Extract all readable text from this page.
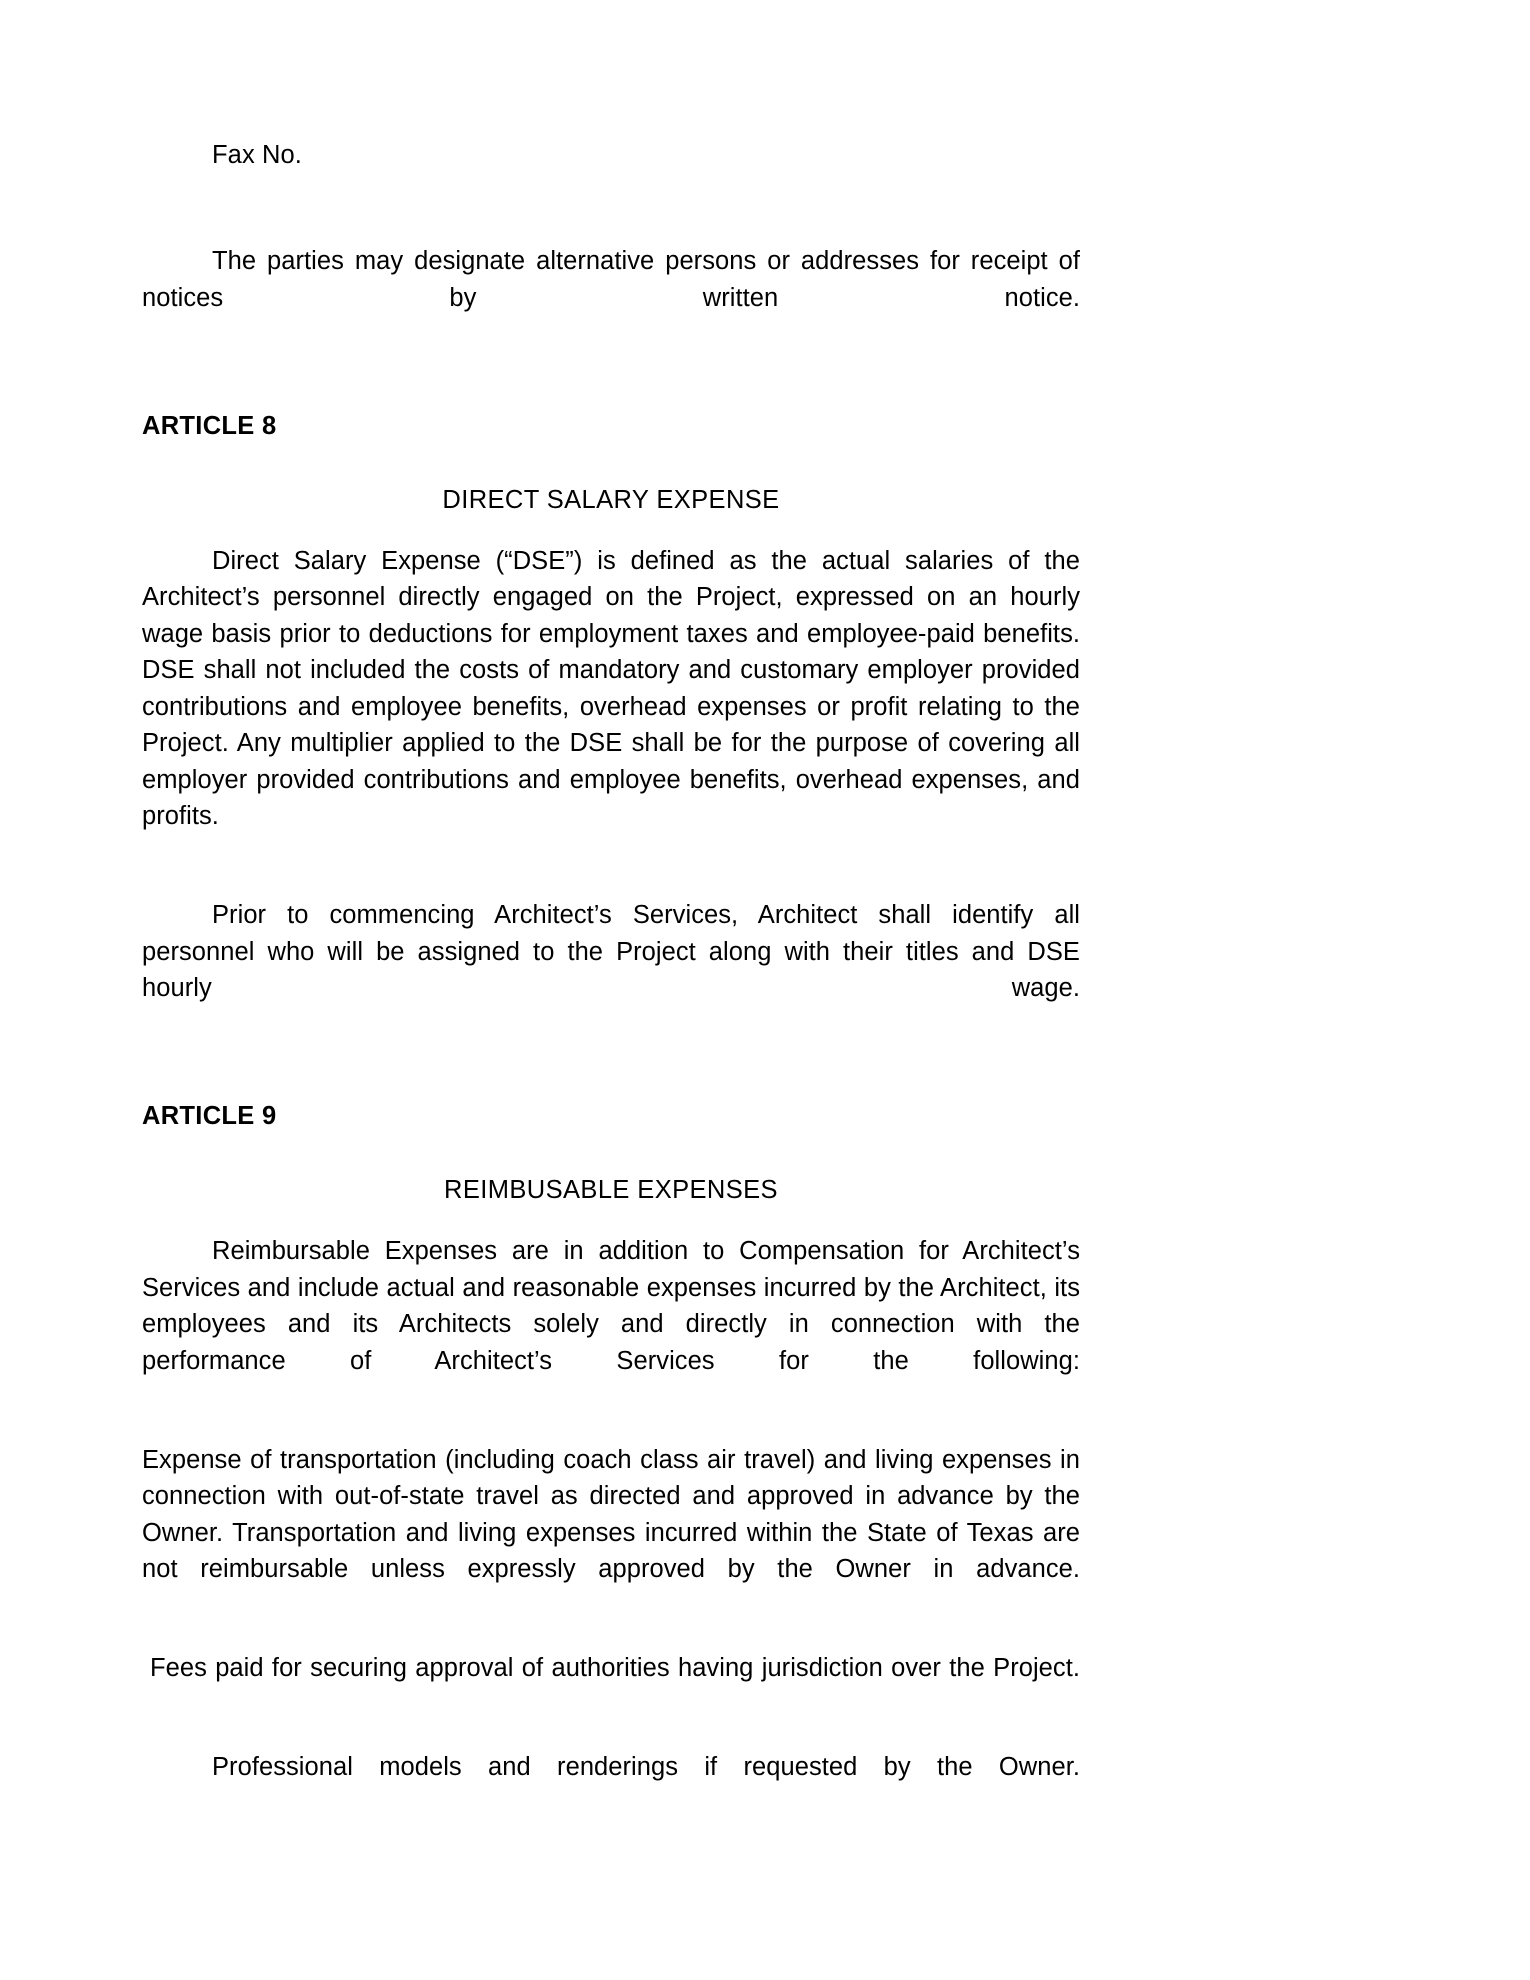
Fax No.

The parties may designate alternative persons or addresses for receipt of notices by written notice.

ARTICLE 8
DIRECT SALARY EXPENSE

Direct Salary Expense (“DSE”) is defined as the actual salaries of the Architect’s personnel directly engaged on the Project, expressed on an hourly wage basis prior to deductions for employment taxes and employee-paid benefits. DSE shall not included the costs of mandatory and customary employer provided contributions and employee benefits, overhead expenses or profit relating to the Project. Any multiplier applied to the DSE shall be for the purpose of covering all employer provided contributions and employee benefits, overhead expenses, and profits.

Prior to commencing Architect’s Services, Architect shall identify all personnel who will be assigned to the Project along with their titles and DSE hourly wage.

ARTICLE 9
REIMBUSABLE EXPENSES

Reimbursable Expenses are in addition to Compensation for Architect’s Services and include actual and reasonable expenses incurred by the Architect, its employees and its Architects solely and directly in connection with the performance of Architect’s Services for the following:

Expense of transportation (including coach class air travel) and living expenses in connection with out-of-state travel as directed and approved in advance by the Owner. Transportation and living expenses incurred within the State of Texas are not reimbursable unless expressly approved by the Owner in advance.

Fees paid for securing approval of authorities having jurisdiction over the Project.

Professional models and renderings if requested by the Owner.
